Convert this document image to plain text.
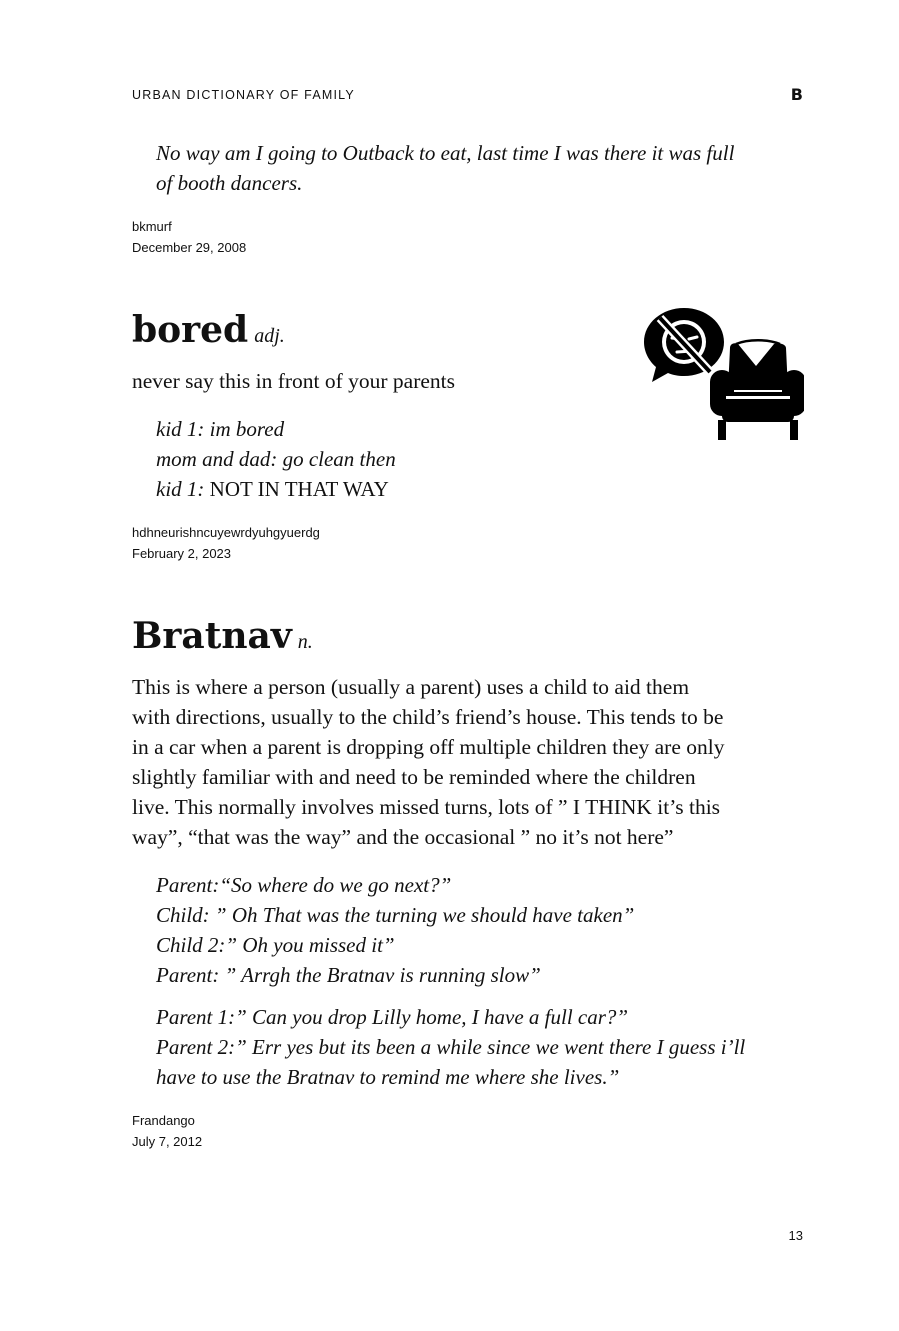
URBAN DICTIONARY OF FAMILY	B
No way am I going to Outback to eat, last time I was there it was full
of booth dancers.
bkmurf
December 29, 2008
bored adj.
never say this in front of your parents
kid 1: im bored
mom and dad: go clean then
kid 1: NOT IN THAT WAY
hdhneurishncuyewrdyuhgyuerdg
February 2, 2023
Bratnav n.
This is where a person (usually a parent) uses a child to aid them
with directions, usually to the child’s friend’s house. This tends to be
in a car when a parent is dropping off multiple children they are only
slightly familiar with and need to be reminded where the children
live. This normally involves missed turns, lots of ” I THINK it’s this
way”, “that was the way” and the occasional ” no it’s not here”
Parent:“So where do we go next?”
Child: ” Oh That was the turning we should have taken”
Child 2:” Oh you missed it”
Parent: ” Arrgh the Bratnav is running slow”
Parent 1:” Can you drop Lilly home, I have a full car?”
Parent 2:” Err yes but its been a while since we went there I guess i’ll
have to use the Bratnav to remind me where she lives.”
Frandango
July 7, 2012
13
